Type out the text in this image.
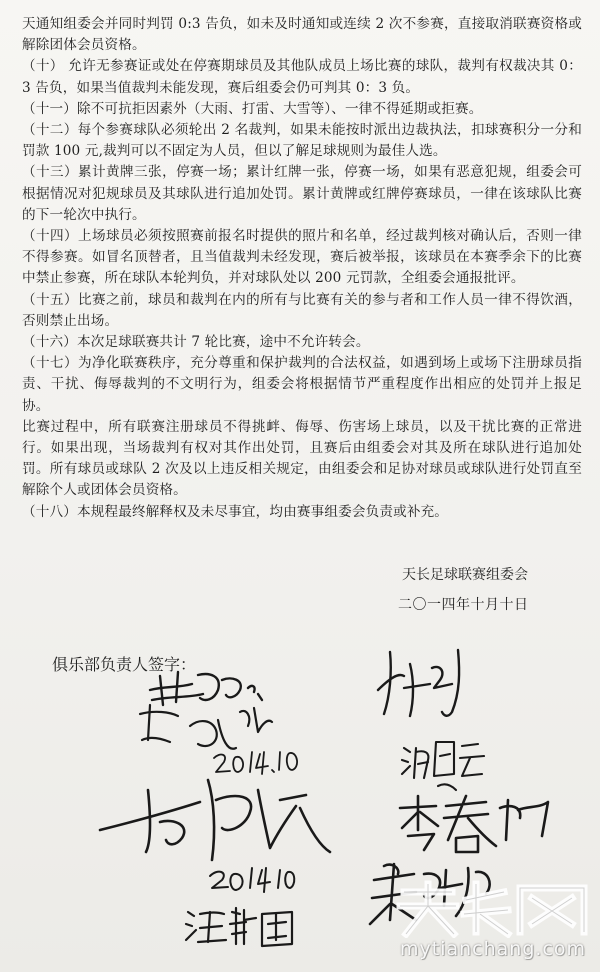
天通知组委会并同时判罚 0:3 告负，如未及时通知或连续 2 次不参赛，直接取消联赛资格或解除团体会员资格。

（十） 允许无参赛证或处在停赛期球员及其他队成员上场比赛的球队，裁判有权裁决其 0：3 告负，如果当值裁判未能发现，赛后组委会仍可判其 0：3 负。

（十一）除不可抗拒因素外（大雨、打雷、大雪等）、一律不得延期或拒赛。

（十二）每个参赛球队必须轮出 2 名裁判，如果未能按时派出边裁执法，扣球赛积分一分和罚款 100 元,裁判可以不固定为人员，但以了解足球规则为最佳人选。

（十三）累计黄牌三张，停赛一场；累计红牌一张，停赛一场，如果有恶意犯规，组委会可根据情况对犯规球员及其球队进行追加处罚。累计黄牌或红牌停赛球员，一律在该球队比赛的下一轮次中执行。

（十四）上场球员必须按照赛前报名时提供的照片和名单，经过裁判核对确认后，否则一律不得参赛。如冒名顶替者，且当值裁判未经发现，赛后被举报，该球员在本赛季余下的比赛中禁止参赛，所在球队本轮判负，并对球队处以 200 元罚款，全组委会通报批评。

（十五）比赛之前，球员和裁判在内的所有与比赛有关的参与者和工作人员一律不得饮酒，否则禁止出场。

（十六）本次足球联赛共计 7 轮比赛，途中不允许转会。

（十七）为净化联赛秩序，充分尊重和保护裁判的合法权益，如遇到场上或场下注册球员指责、干扰、侮辱裁判的不文明行为，组委会将根据情节严重程度作出相应的处罚并上报足协。

比赛过程中，所有联赛注册球员不得挑衅、侮辱、伤害场上球员，以及干扰比赛的正常进行。如果出现，当场裁判有权对其作出处罚，且赛后由组委会对其及所在球队进行追加处罚。所有球员或球队 2 次及以上违反相关规定，由组委会和足协对球员或球队进行处罚直至解除个人或团体会员资格。

（十八）本规程最终解释权及未尽事宜，均由赛事组委会负责或补充。

天长足球联赛组委会
二〇一四年十月十日
俱乐部负责人签字：
mytianchang.com
